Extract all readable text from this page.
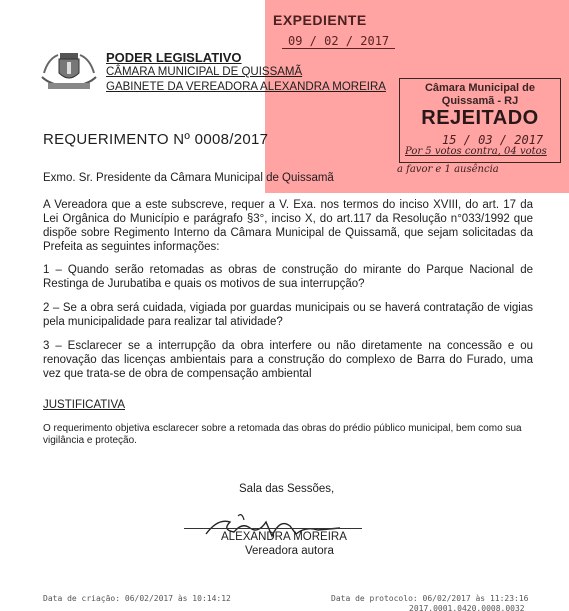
PODER LEGISLATIVO
CÂMARA MUNICIPAL DE QUISSAMÃ
GABINETE DA VEREADORA ALEXANDRA MOREIRA
EXPEDIENTE
09 / 02 / 2017
Câmara Municipal de
Quissamã - RJ
REJEITADO
15 / 03 / 2017
Por 5 votos contra, 04 votos
a favor e 1 ausência
REQUERIMENTO Nº 0008/2017
Exmo. Sr. Presidente da Câmara Municipal de Quissamã
A Vereadora que a este subscreve, requer a V. Exa. nos termos do inciso XVIII, do art. 17 da Lei Orgânica do Município e parágrafo §3°, inciso X, do art.117 da Resolução n°033/1992 que dispõe sobre Regimento Interno da Câmara Municipal de Quissamã, que sejam solicitadas da Prefeita as seguintes informações:
1 – Quando serão retomadas as obras de construção do mirante do Parque Nacional de Restinga de Jurubatiba e quais os motivos de sua interrupção?
2 – Se a obra será cuidada, vigiada por guardas municipais ou se haverá contratação de vigias pela municipalidade para realizar tal atividade?
3 – Esclarecer se a interrupção da obra interfere ou não diretamente na concessão e ou renovação das licenças ambientais para a construção do complexo de Barra do Furado, uma vez que trata-se de obra de compensação ambiental
JUSTIFICATIVA
O requerimento objetiva esclarecer sobre a retomada das obras do prédio público municipal, bem como sua vigilância e proteção.
Sala das Sessões,
ALEXANDRA MOREIRA
Vereadora autora
Data de criação: 06/02/2017 às 10:14:12	Data de protocolo: 06/02/2017 às 11:23:16
2017.0001.0420.0008.0032
